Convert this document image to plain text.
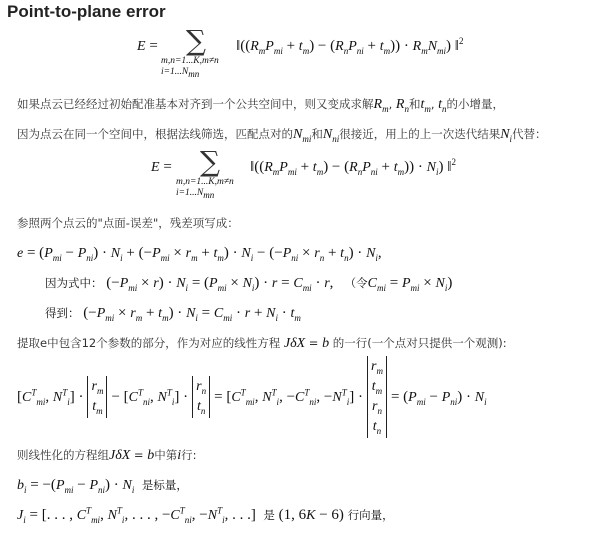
Point-to-plane error
E = ∑
m,n=1...K,m≠n
$i=1...N_{mn}$
$‖((R_mP_{mi} + t_m) - (R_nP_{ni} + t_m)) \cdot R_mN_{mi}$) ‖$^2$
如果点云已经经过初始配准基本对齐到一个公共空间中，则又变成求解$R_m$, $R_n$和$t_m$, $t_n$的小增量，
因为点云在同一个空间中，根据法线筛选，匹配点对的$N_{mi}$和$N_{ni}$很接近，用上的上一次迭代结果$N_i$代替：
E = ∑
m,n=1...K,m≠n
$i=1...N_{mn}$
$‖((R_mP_{mi} + t_m) - (R_nP_{ni} + t_m)) \cdot N_i$) ‖$^2$
参照两个点云的"点面-误差"，残差项写成：
$e = (P_{mi} - P_{ni}) \cdot N_i + (-P_{mi} \times r_m + t_m) \cdot N_i - (-P_{ni} \times r_n + t_n) \cdot N_i$,
因为式中： $(-P_{mi} \times r) \cdot N_i = (P_{mi} \times N_i) \cdot r = C_{mi} \cdot r$,   （令$C_{mi} = P_{mi} \times N_i$)
得到： $(-P_{mi} \times r_m + t_m) \cdot N_i = C_{mi} \cdot r + N_i \cdot t_m$
提取e中包含12个参数的部分，作为对应的线性方程 JδX = b 的一行(一个点对只提供一个观测):
[$C^T_{mi}$, $N^T_i$] ·
$r_m$
$t_m$
− [$C^T_{ni}$, $N^T_i$] ·
$r_n$
$t_n$
= [$C^T_{mi}$, $N^T_i$, $-C^T_{ni}$, $-N^T_i$] ·
$r_m$
$t_m$
$r_n$
$t_n$
= $(P_{mi} - P_{ni}) \cdot N_i$
则线性化的方程组JδX = b中第i行:
$b_i = -(P_{mi} - P_{ni}) \cdot N_i$ 是标量，
$J_i$ = [. . . , $C^T_{mi}$, $N^T_i$, . . . , $-C^T_{ni}$, $-N^T_i$, . . .]  是 (1, 6K − 6) 行向量，
